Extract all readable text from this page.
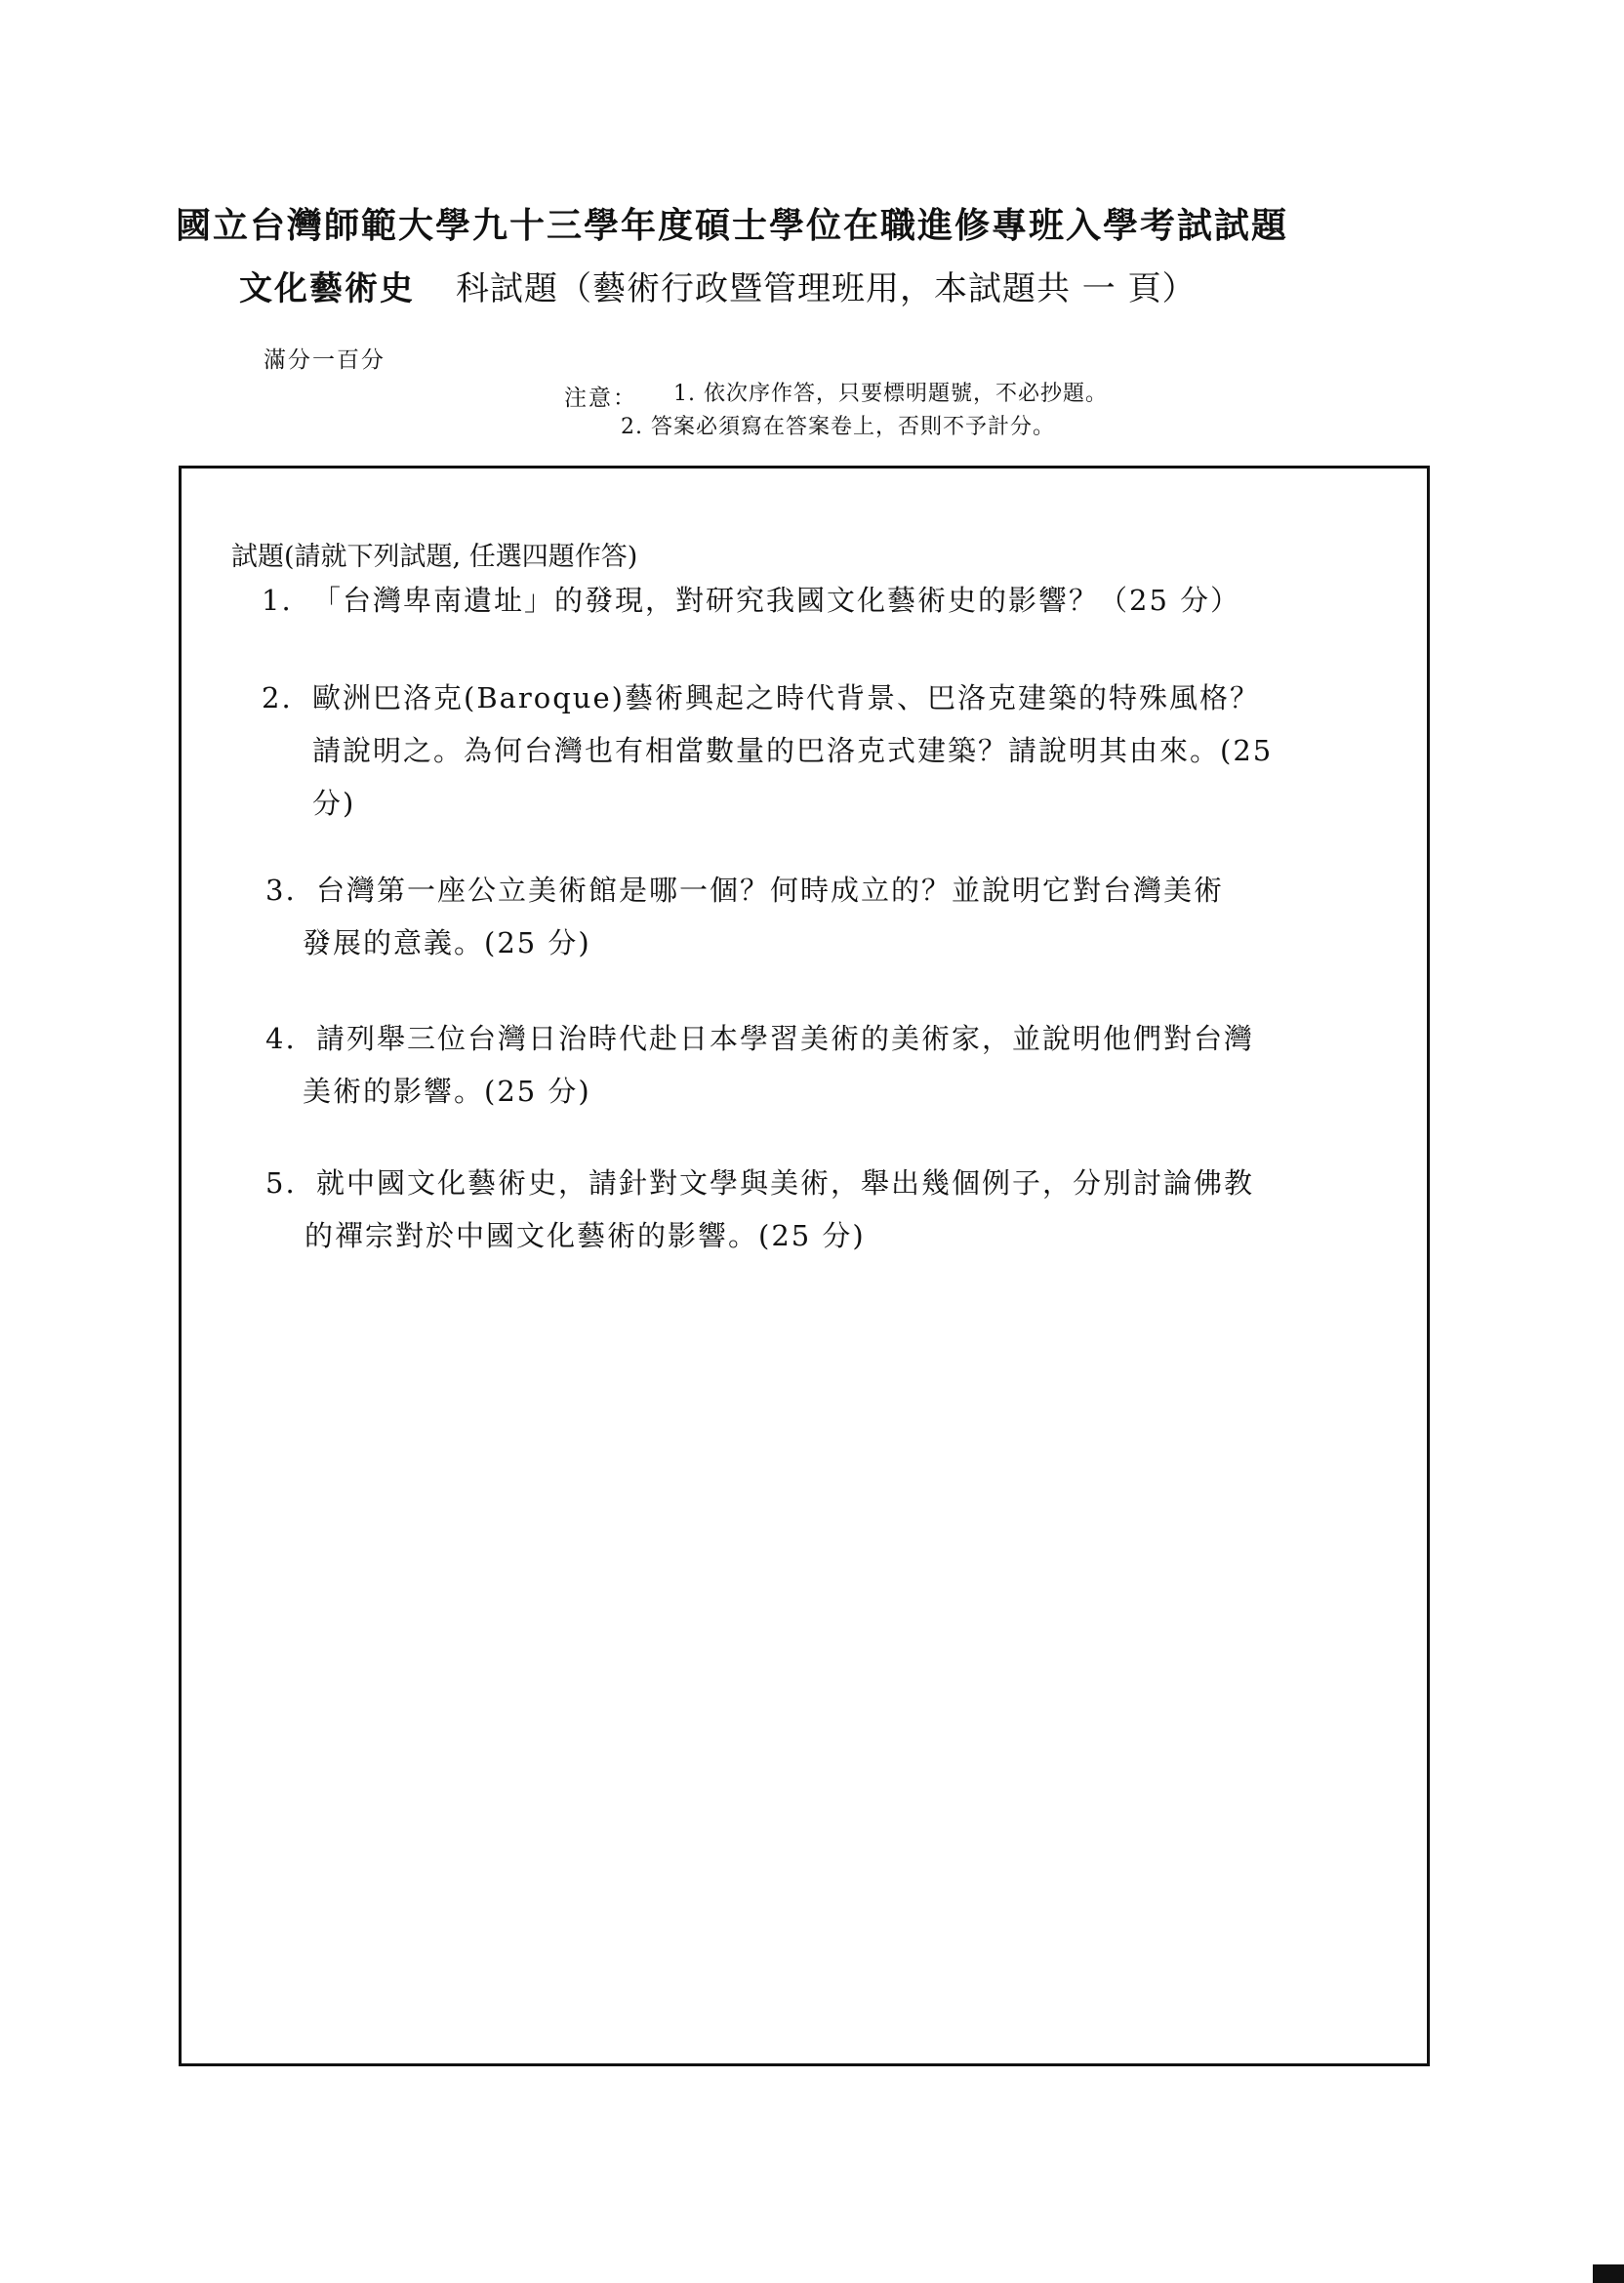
國立台灣師範大學九十三學年度碩士學位在職進修專班入學考試試題
文化藝術史 科試題（藝術行政暨管理班用，本試題共 一 頁）
滿分一百分
注意： 1. 依次序作答，只要標明題號，不必抄題。
2. 答案必須寫在答案卷上，否則不予計分。
試題(請就下列試題, 任選四題作答)
1. 「台灣卑南遺址」的發現，對研究我國文化藝術史的影響？（25 分）
2. 歐洲巴洛克(Baroque)藝術興起之時代背景、巴洛克建築的特殊風格？
請說明之。為何台灣也有相當數量的巴洛克式建築？請說明其由來。(25
分)
3. 台灣第一座公立美術館是哪一個？何時成立的？並說明它對台灣美術
發展的意義。(25 分)
4. 請列舉三位台灣日治時代赴日本學習美術的美術家，並說明他們對台灣
美術的影響。(25 分)
5. 就中國文化藝術史，請針對文學與美術，舉出幾個例子，分別討論佛教
的禪宗對於中國文化藝術的影響。(25 分)
